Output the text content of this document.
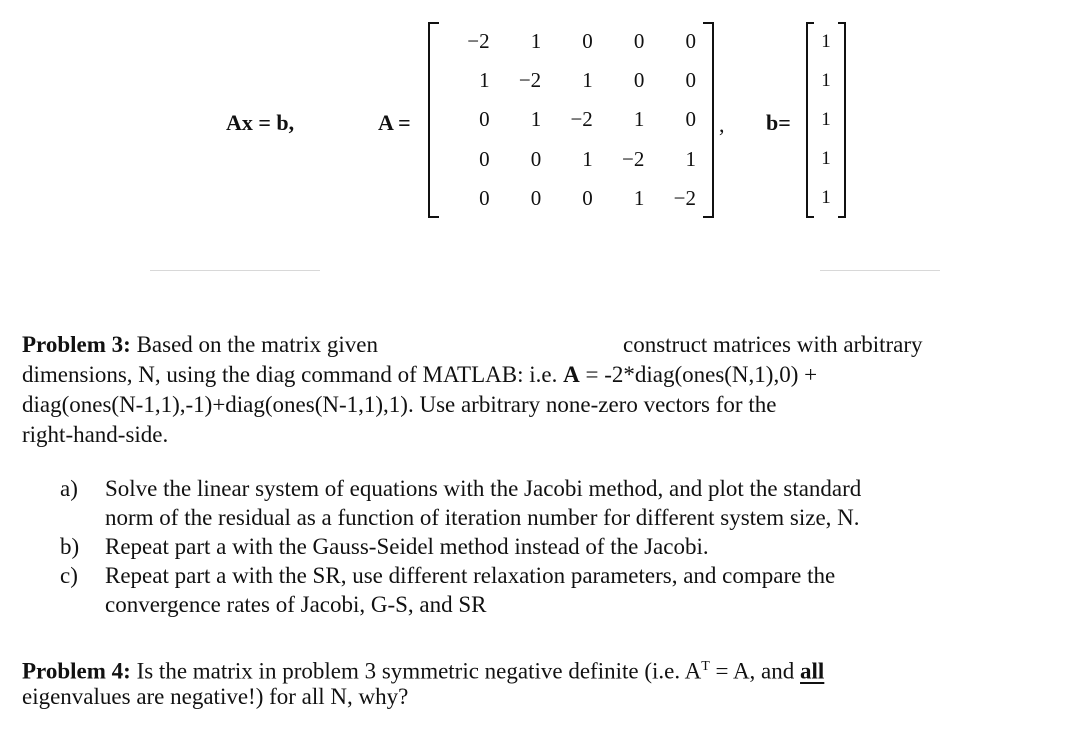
Ax = b,	A =
−2	1	0	0	0
1	−2	1	0	0
0	1	−2	1	0
0	0	1	−2	1
0	0	0	1	−2
, b=
1
1
1
1
1
Problem 3: Based on the matrix given	construct matrices with arbitrary
dimensions, N, using the diag command of MATLAB: i.e. A = -2*diag(ones(N,1),0) +
diag(ones(N-1,1),-1)+diag(ones(N-1,1),1). Use arbitrary none-zero vectors for the
right-hand-side.
a)	Solve the linear system of equations with the Jacobi method, and plot the standard
norm of the residual as a function of iteration number for different system size, N.
b)	Repeat part a with the Gauss-Seidel method instead of the Jacobi.
c)	Repeat part a with the SR, use different relaxation parameters, and compare the
convergence rates of Jacobi, G-S, and SR
Problem 4: Is the matrix in problem 3 symmetric negative definite (i.e. $A^T = A$, and all
eigenvalues are negative!) for all N, why?
